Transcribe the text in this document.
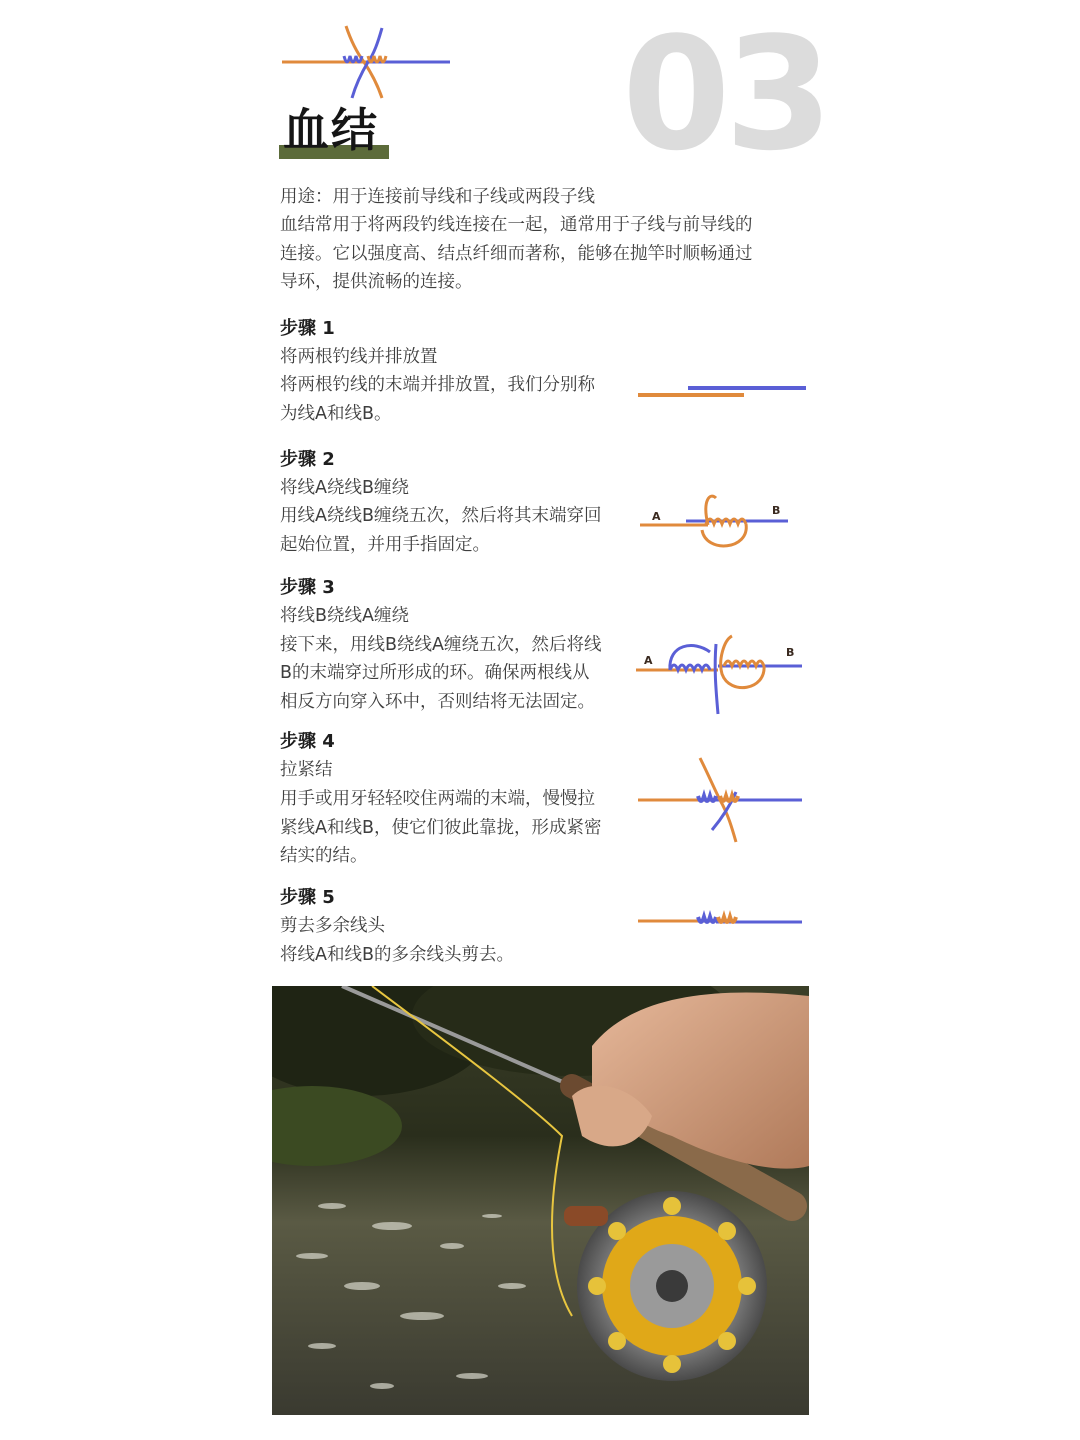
03
血结
用途：用于连接前导线和子线或两段子线
血结常用于将两段钓线连接在一起，通常用于子线与前导线的
连接。它以强度高、结点纤细而著称，能够在抛竿时顺畅通过
导环，提供流畅的连接。
步骤 1
将两根钓线并排放置
将两根钓线的末端并排放置，我们分别称
为线A和线B。
步骤 2
将线A绕线B缠绕
用线A绕线B缠绕五次，然后将其末端穿回
起始位置，并用手指固定。
A	B
步骤 3
将线B绕线A缠绕
接下来，用线B绕线A缠绕五次，然后将线
B的末端穿过所形成的环。确保两根线从
相反方向穿入环中，否则结将无法固定。
A
B
步骤 4
拉紧结
用手或用牙轻轻咬住两端的末端，慢慢拉
紧线A和线B，使它们彼此靠拢，形成紧密
结实的结。
步骤 5
剪去多余线头
将线A和线B的多余线头剪去。
